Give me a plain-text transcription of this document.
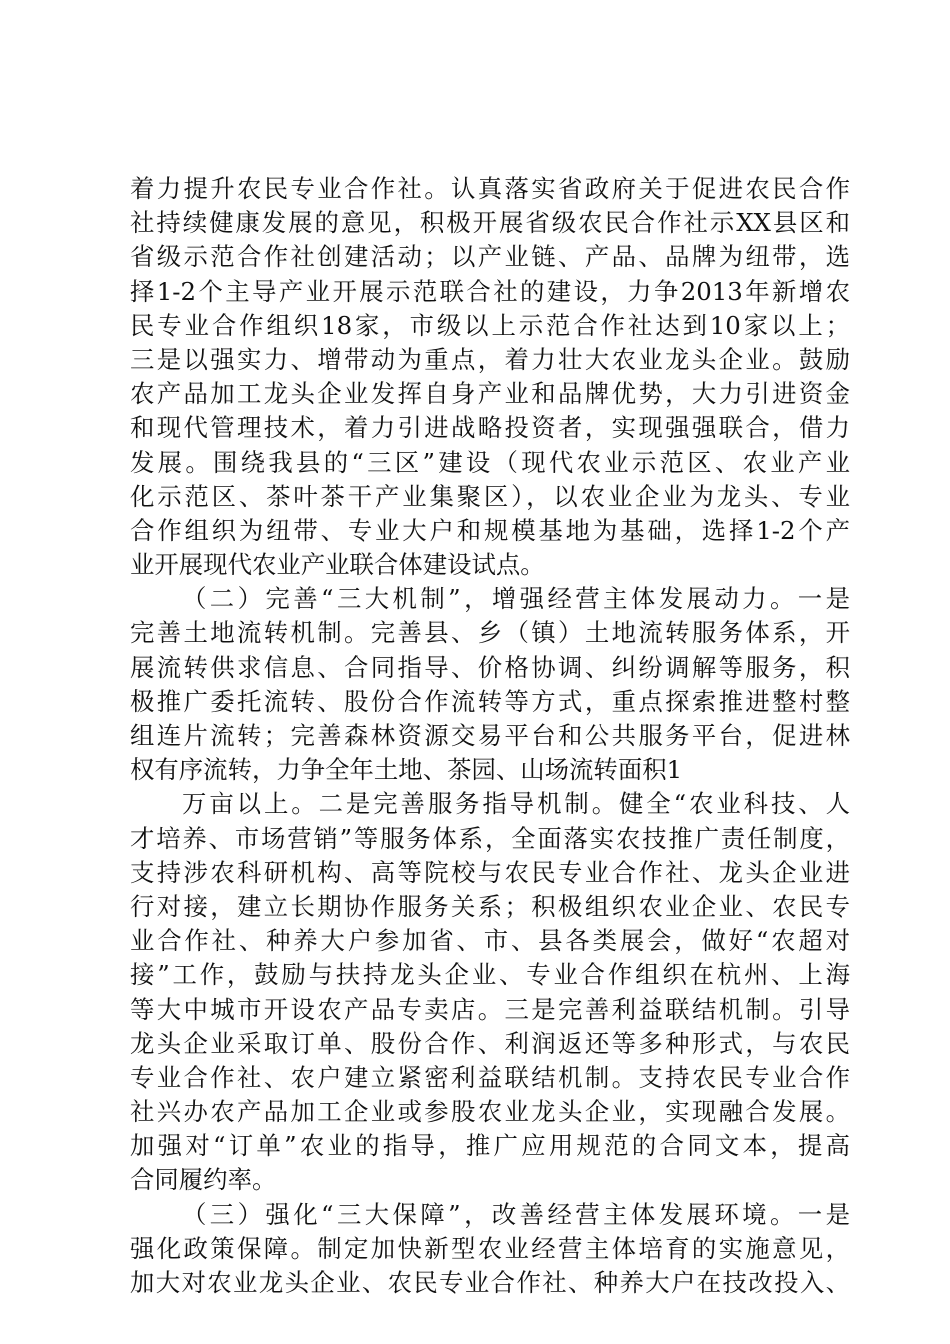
着力提升农民专业合作社。认真落实省政府关于促进农民合作
社持续健康发展的意见，积极开展省级农民合作社示XX县区和
省级示范合作社创建活动；以产业链、产品、品牌为纽带，选
择1-2个主导产业开展示范联合社的建设，力争2013年新增农
民专业合作组织18家，市级以上示范合作社达到10家以上；
三是以强实力、增带动为重点，着力壮大农业龙头企业。鼓励
农产品加工龙头企业发挥自身产业和品牌优势，大力引进资金
和现代管理技术，着力引进战略投资者，实现强强联合，借力
发展。围绕我县的“三区”建设（现代农业示范区、农业产业
化示范区、茶叶茶干产业集聚区），以农业企业为龙头、专业
合作组织为纽带、专业大户和规模基地为基础，选择1-2个产
业开展现代农业产业联合体建设试点。
（二）完善“三大机制”，增强经营主体发展动力。一是
完善土地流转机制。完善县、乡（镇）土地流转服务体系，开
展流转供求信息、合同指导、价格协调、纠纷调解等服务，积
极推广委托流转、股份合作流转等方式，重点探索推进整村整
组连片流转；完善森林资源交易平台和公共服务平台，促进林
权有序流转，力争全年土地、茶园、山场流转面积1
万亩以上。二是完善服务指导机制。健全“农业科技、人
才培养、市场营销”等服务体系，全面落实农技推广责任制度，
支持涉农科研机构、高等院校与农民专业合作社、龙头企业进
行对接，建立长期协作服务关系；积极组织农业企业、农民专
业合作社、种养大户参加省、市、县各类展会，做好“农超对
接”工作，鼓励与扶持龙头企业、专业合作组织在杭州、上海
等大中城市开设农产品专卖店。三是完善利益联结机制。引导
龙头企业采取订单、股份合作、利润返还等多种形式，与农民
专业合作社、农户建立紧密利益联结机制。支持农民专业合作
社兴办农产品加工企业或参股农业龙头企业，实现融合发展。
加强对“订单”农业的指导，推广应用规范的合同文本，提高
合同履约率。
（三）强化“三大保障”，改善经营主体发展环境。一是
强化政策保障。制定加快新型农业经营主体培育的实施意见，
加大对农业龙头企业、农民专业合作社、种养大户在技改投入、
